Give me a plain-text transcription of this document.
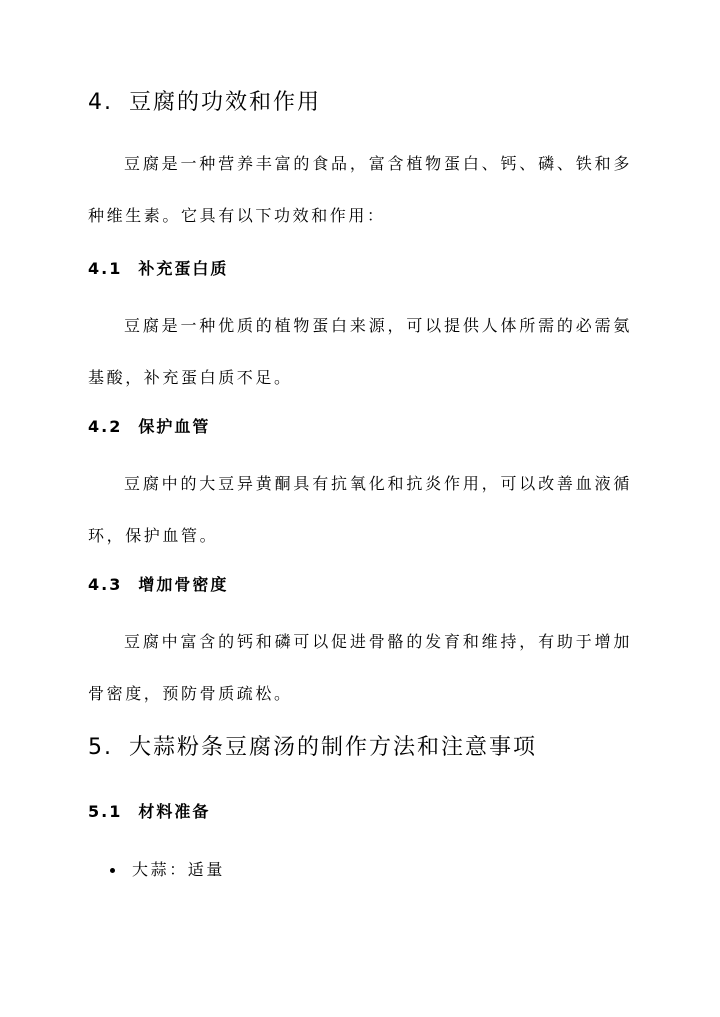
4. 豆腐的功效和作用

豆腐是一种营养丰富的食品，富含植物蛋白、钙、磷、铁和多种维生素。它具有以下功效和作用：

4.1 补充蛋白质

豆腐是一种优质的植物蛋白来源，可以提供人体所需的必需氨基酸，补充蛋白质不足。

4.2 保护血管

豆腐中的大豆异黄酮具有抗氧化和抗炎作用，可以改善血液循环，保护血管。

4.3 增加骨密度

豆腐中富含的钙和磷可以促进骨骼的发育和维持，有助于增加骨密度，预防骨质疏松。

5. 大蒜粉条豆腐汤的制作方法和注意事项
5.1 材料准备
大蒜：适量
